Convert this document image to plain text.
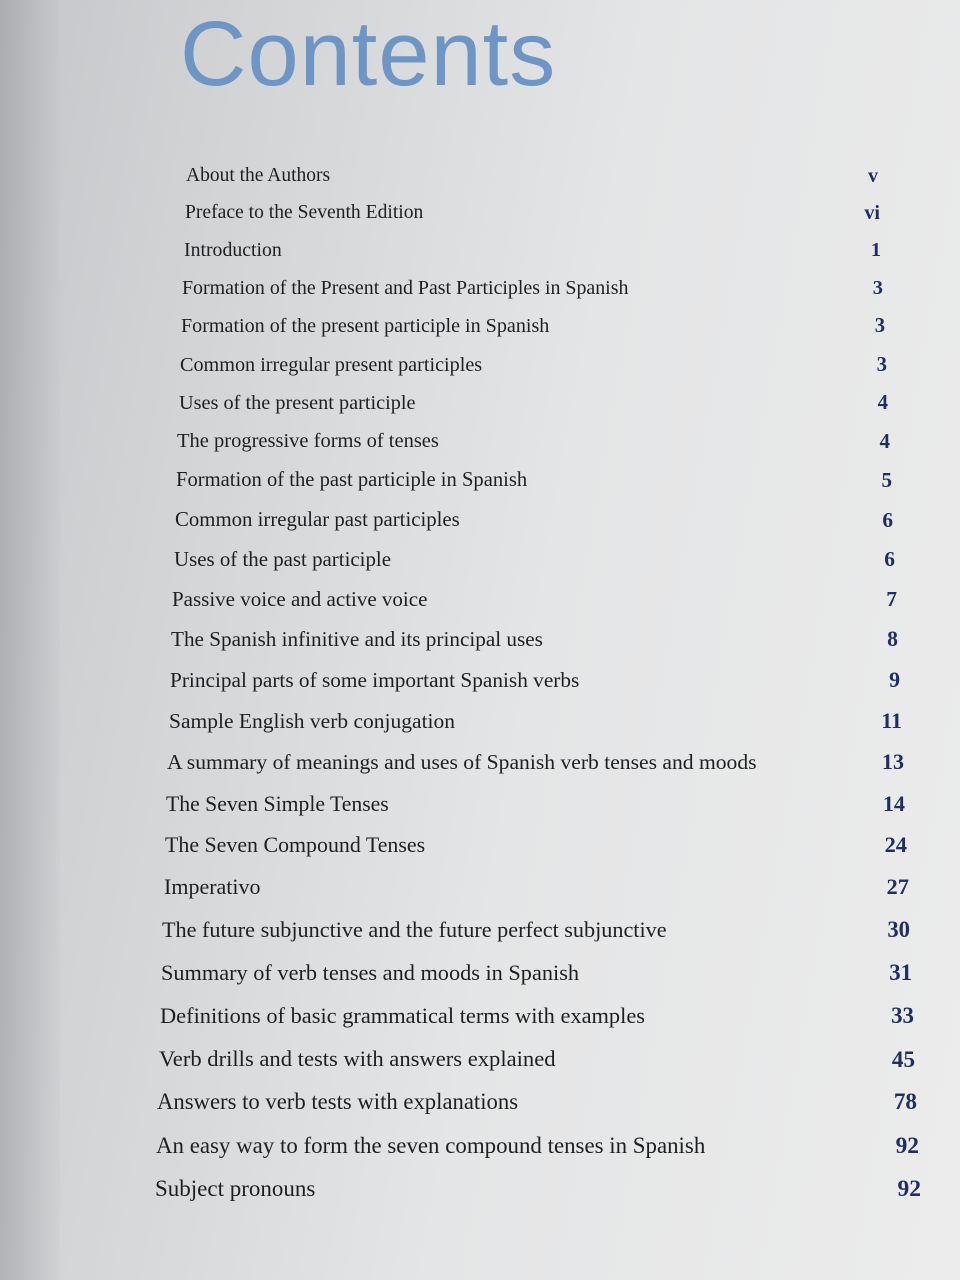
Contents
About the Authors	v
Preface to the Seventh Edition	vi
Introduction	1
Formation of the Present and Past Participles in Spanish	3
Formation of the present participle in Spanish	3
Common irregular present participles	3
Uses of the present participle	4
The progressive forms of tenses	4
Formation of the past participle in Spanish	5
Common irregular past participles	6
Uses of the past participle	6
Passive voice and active voice	7
The Spanish infinitive and its principal uses	8
Principal parts of some important Spanish verbs	9
Sample English verb conjugation	11
A summary of meanings and uses of Spanish verb tenses and moods	13
The Seven Simple Tenses	14
The Seven Compound Tenses	24
Imperativo	27
The future subjunctive and the future perfect subjunctive	30
Summary of verb tenses and moods in Spanish	31
Definitions of basic grammatical terms with examples	33
Verb drills and tests with answers explained	45
Answers to verb tests with explanations	78
An easy way to form the seven compound tenses in Spanish	92
Subject pronouns	92
